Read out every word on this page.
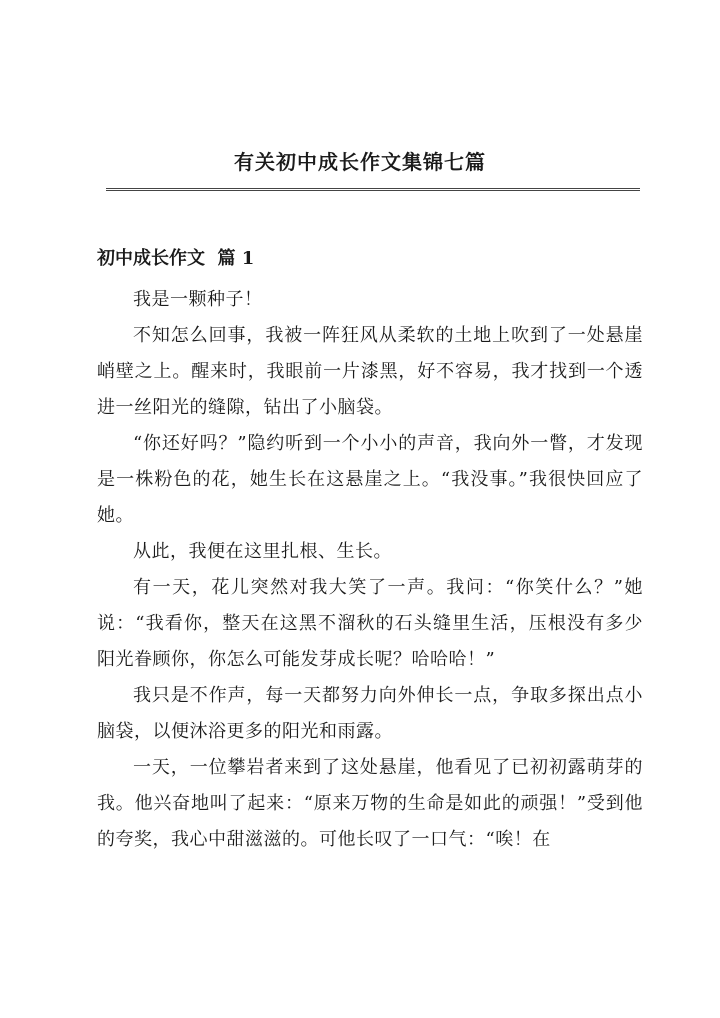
有关初中成长作文集锦七篇
初中成长作文  篇 1

我是一颗种子！

不知怎么回事，我被一阵狂风从柔软的土地上吹到了一处悬崖峭壁之上。醒来时，我眼前一片漆黑，好不容易，我才找到一个透进一丝阳光的缝隙，钻出了小脑袋。

“你还好吗？”隐约听到一个小小的声音，我向外一瞥，才发现是一株粉色的花，她生长在这悬崖之上。“我没事。”我很快回应了她。

从此，我便在这里扎根、生长。

有一天，花儿突然对我大笑了一声。我问：“你笑什么？”她说：“我看你，整天在这黑不溜秋的石头缝里生活，压根没有多少阳光眷顾你，你怎么可能发芽成长呢？哈哈哈！”

我只是不作声，每一天都努力向外伸长一点，争取多探出点小脑袋，以便沐浴更多的阳光和雨露。

一天，一位攀岩者来到了这处悬崖，他看见了已初初露萌芽的我。他兴奋地叫了起来：“原来万物的生命是如此的顽强！”受到他的夸奖，我心中甜滋滋的。可他长叹了一口气：“唉！在
